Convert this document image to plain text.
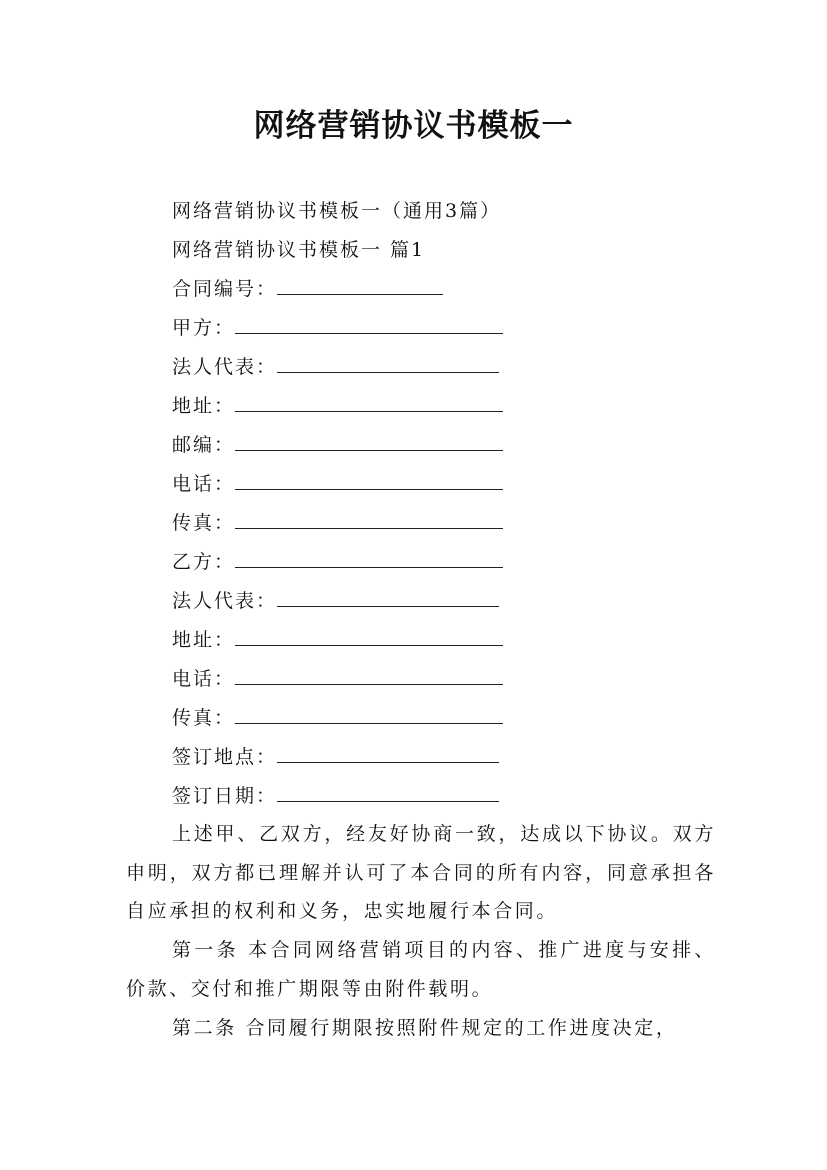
网络营销协议书模板一
网络营销协议书模板一（通用3篇）
网络营销协议书模板一 篇1
合同编号：
甲方：
法人代表：
地址：
邮编：
电话：
传真：
乙方：
法人代表：
地址：
电话：
传真：
签订地点：
签订日期：
上述甲、乙双方，经友好协商一致，达成以下协议。双方申明，双方都已理解并认可了本合同的所有内容，同意承担各自应承担的权利和义务，忠实地履行本合同。
第一条 本合同网络营销项目的内容、推广进度与安排、价款、交付和推广期限等由附件载明。
第二条 合同履行期限按照附件规定的工作进度决定，
